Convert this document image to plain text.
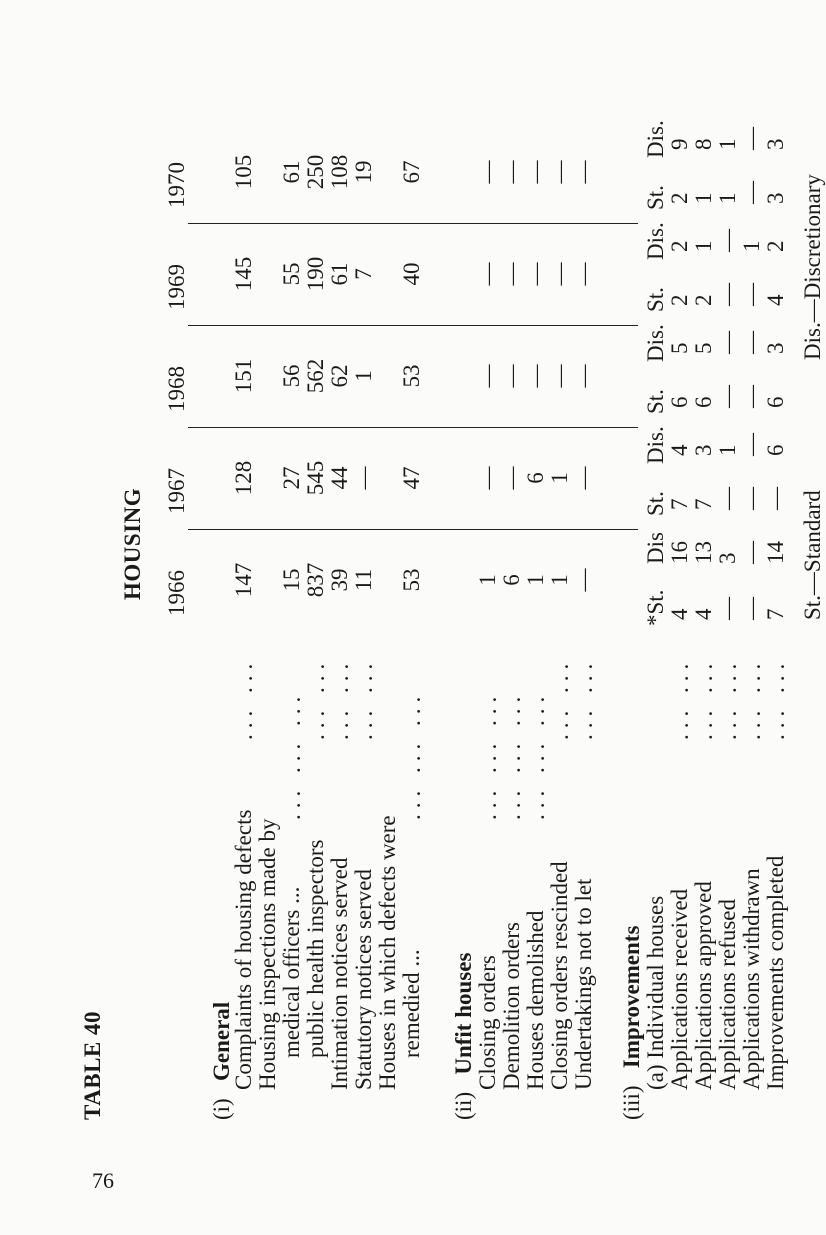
76
TABLE 40
HOUSING 1966
1967
1968
1969
1970
(i)   General
Complaints of housing defects
... ...
147
128
151
145
105
Housing inspections made by medical officers ...
... ... ...
15
27
56
55
61
public health inspectors
... ...
837
545
562
190
250
Intimation notices served
... ...
39
44
62
61
108
Statutory notices served
... ...
11
—
1
7
19
Houses in which defects were remedied ...
... ... ...
53
47
53
40
67
(ii)   Unfit houses Closing orders
... ... ...
1
—
—
—
—
Demolition orders
... ... ...
6
—
—
—
—
Houses demolished
... ... ...
1
6
—
—
—
Closing orders rescinded
... ...
1
1
—
—
—
Undertakings not to let
... ...
—
—
—
—
—
(iii)   Improvements (a) Individual houses
*St.
Dis
St.
Dis.
St.
Dis.
St.
Dis.
St.
Dis.
Applications received
... ...
4
16
7
4
6
5
2
2
2
9
Applications approved
... ...
4
13
7
3
6
5
2
1
1
8
Applications refused
... ...
—
3
—
1
—
—
—
—
1
1
Applications withdrawn
... ...
—
—
—
—
—
—
—
1
—
—
Improvements completed
... ...
7
14
—
6
6
3
4
2
3
3
St.—Standard
Dis.—Discretionary
